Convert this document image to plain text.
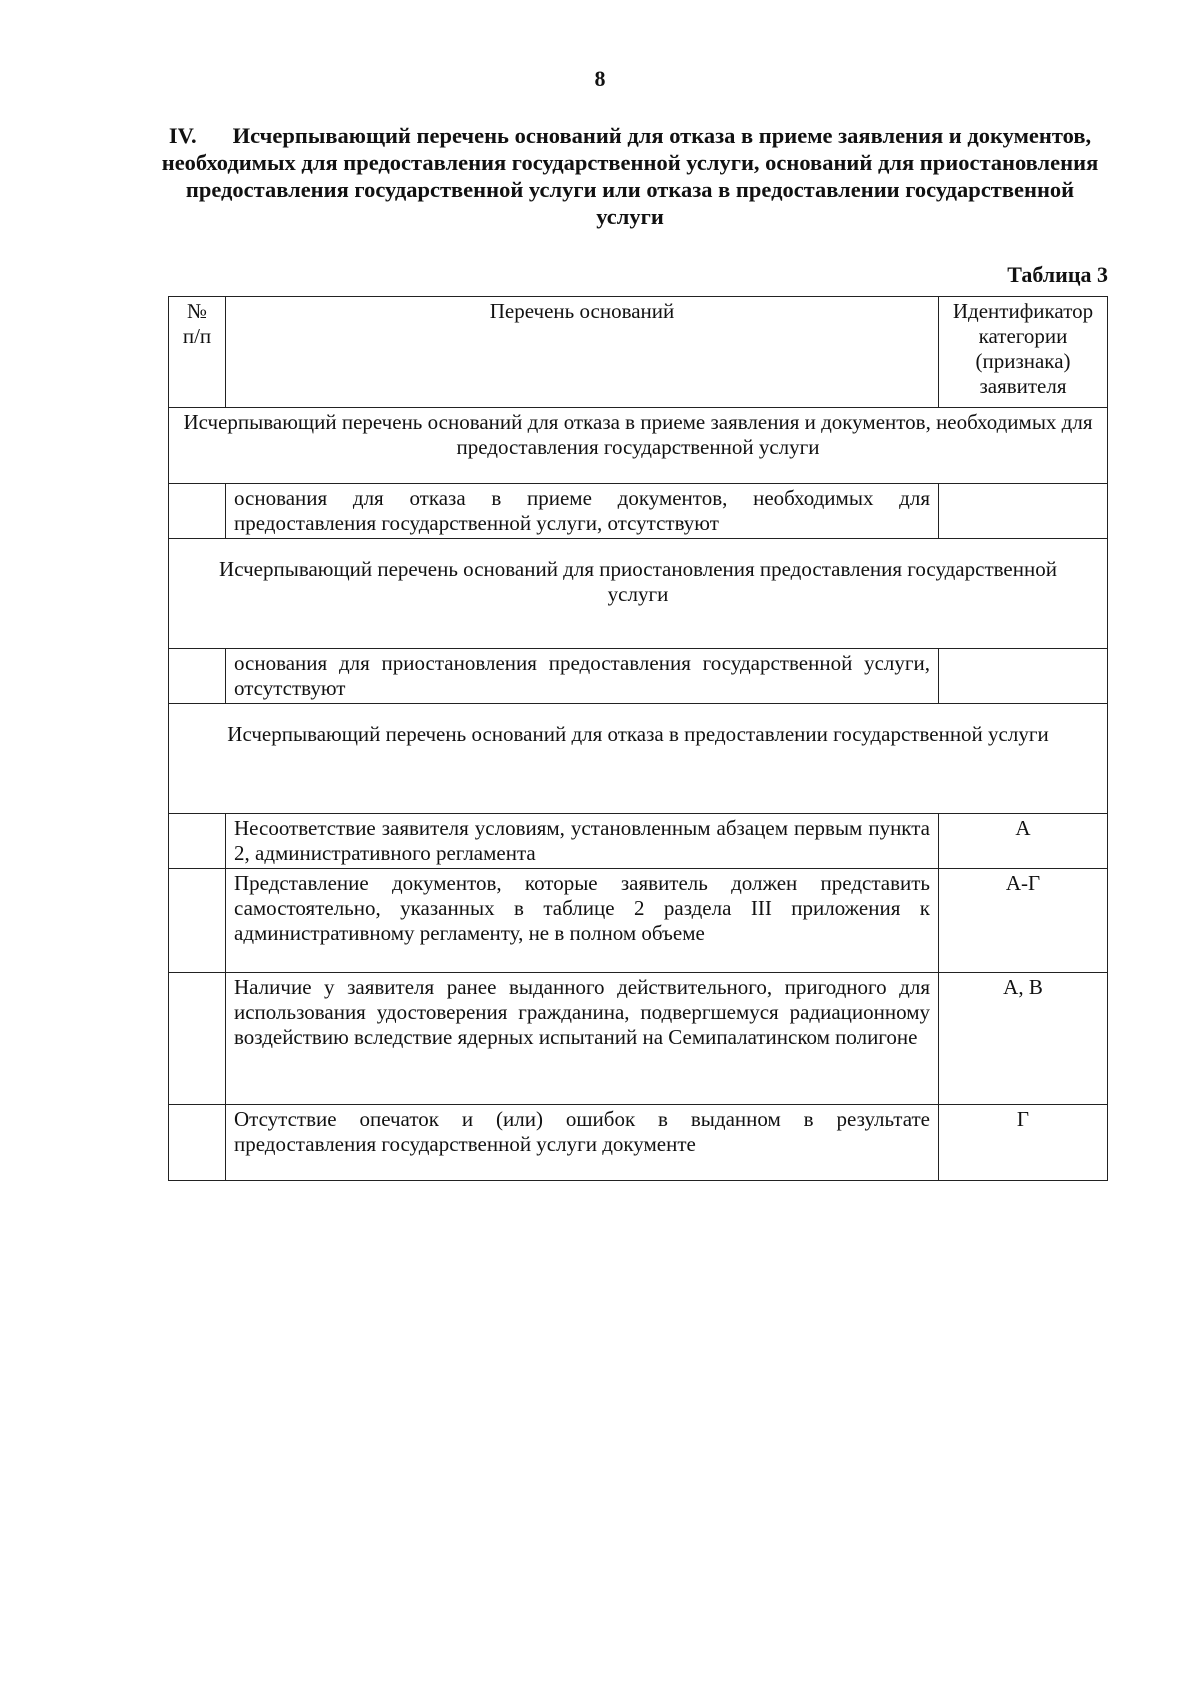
8
IV. Исчерпывающий перечень оснований для отказа в приеме заявления и документов, необходимых для предоставления государственной услуги, оснований для приостановления предоставления государственной услуги или отказа в предоставлении государственной услуги
Таблица 3
№ п/п	Перечень оснований	Идентификатор категории (признака) заявителя
Исчерпывающий перечень оснований для отказа в приеме заявления и документов, необходимых для предоставления государственной услуги		
	основания для отказа в приеме документов, необходимых для предоставления государственной услуги, отсутствуют	
Исчерпывающий перечень оснований для приостановления предоставления государственной услуги		
	основания для приостановления предоставления государственной услуги, отсутствуют	
Исчерпывающий перечень оснований для отказа в предоставлении государственной услуги		
	Несоответствие заявителя условиям, установленным абзацем первым пункта 2, административного регламента	А
	Представление документов, которые заявитель должен представить самостоятельно, указанных в таблице 2 раздела III приложения к административному регламенту, не в полном объеме	А-Г
	Наличие у заявителя ранее выданного действительного, пригодного для использования удостоверения гражданина, подвергшемуся радиационному воздействию вследствие ядерных испытаний на Семипалатинском полигоне	А, В
	Отсутствие опечаток и (или) ошибок в выданном в результате предоставления государственной услуги документе	Г
